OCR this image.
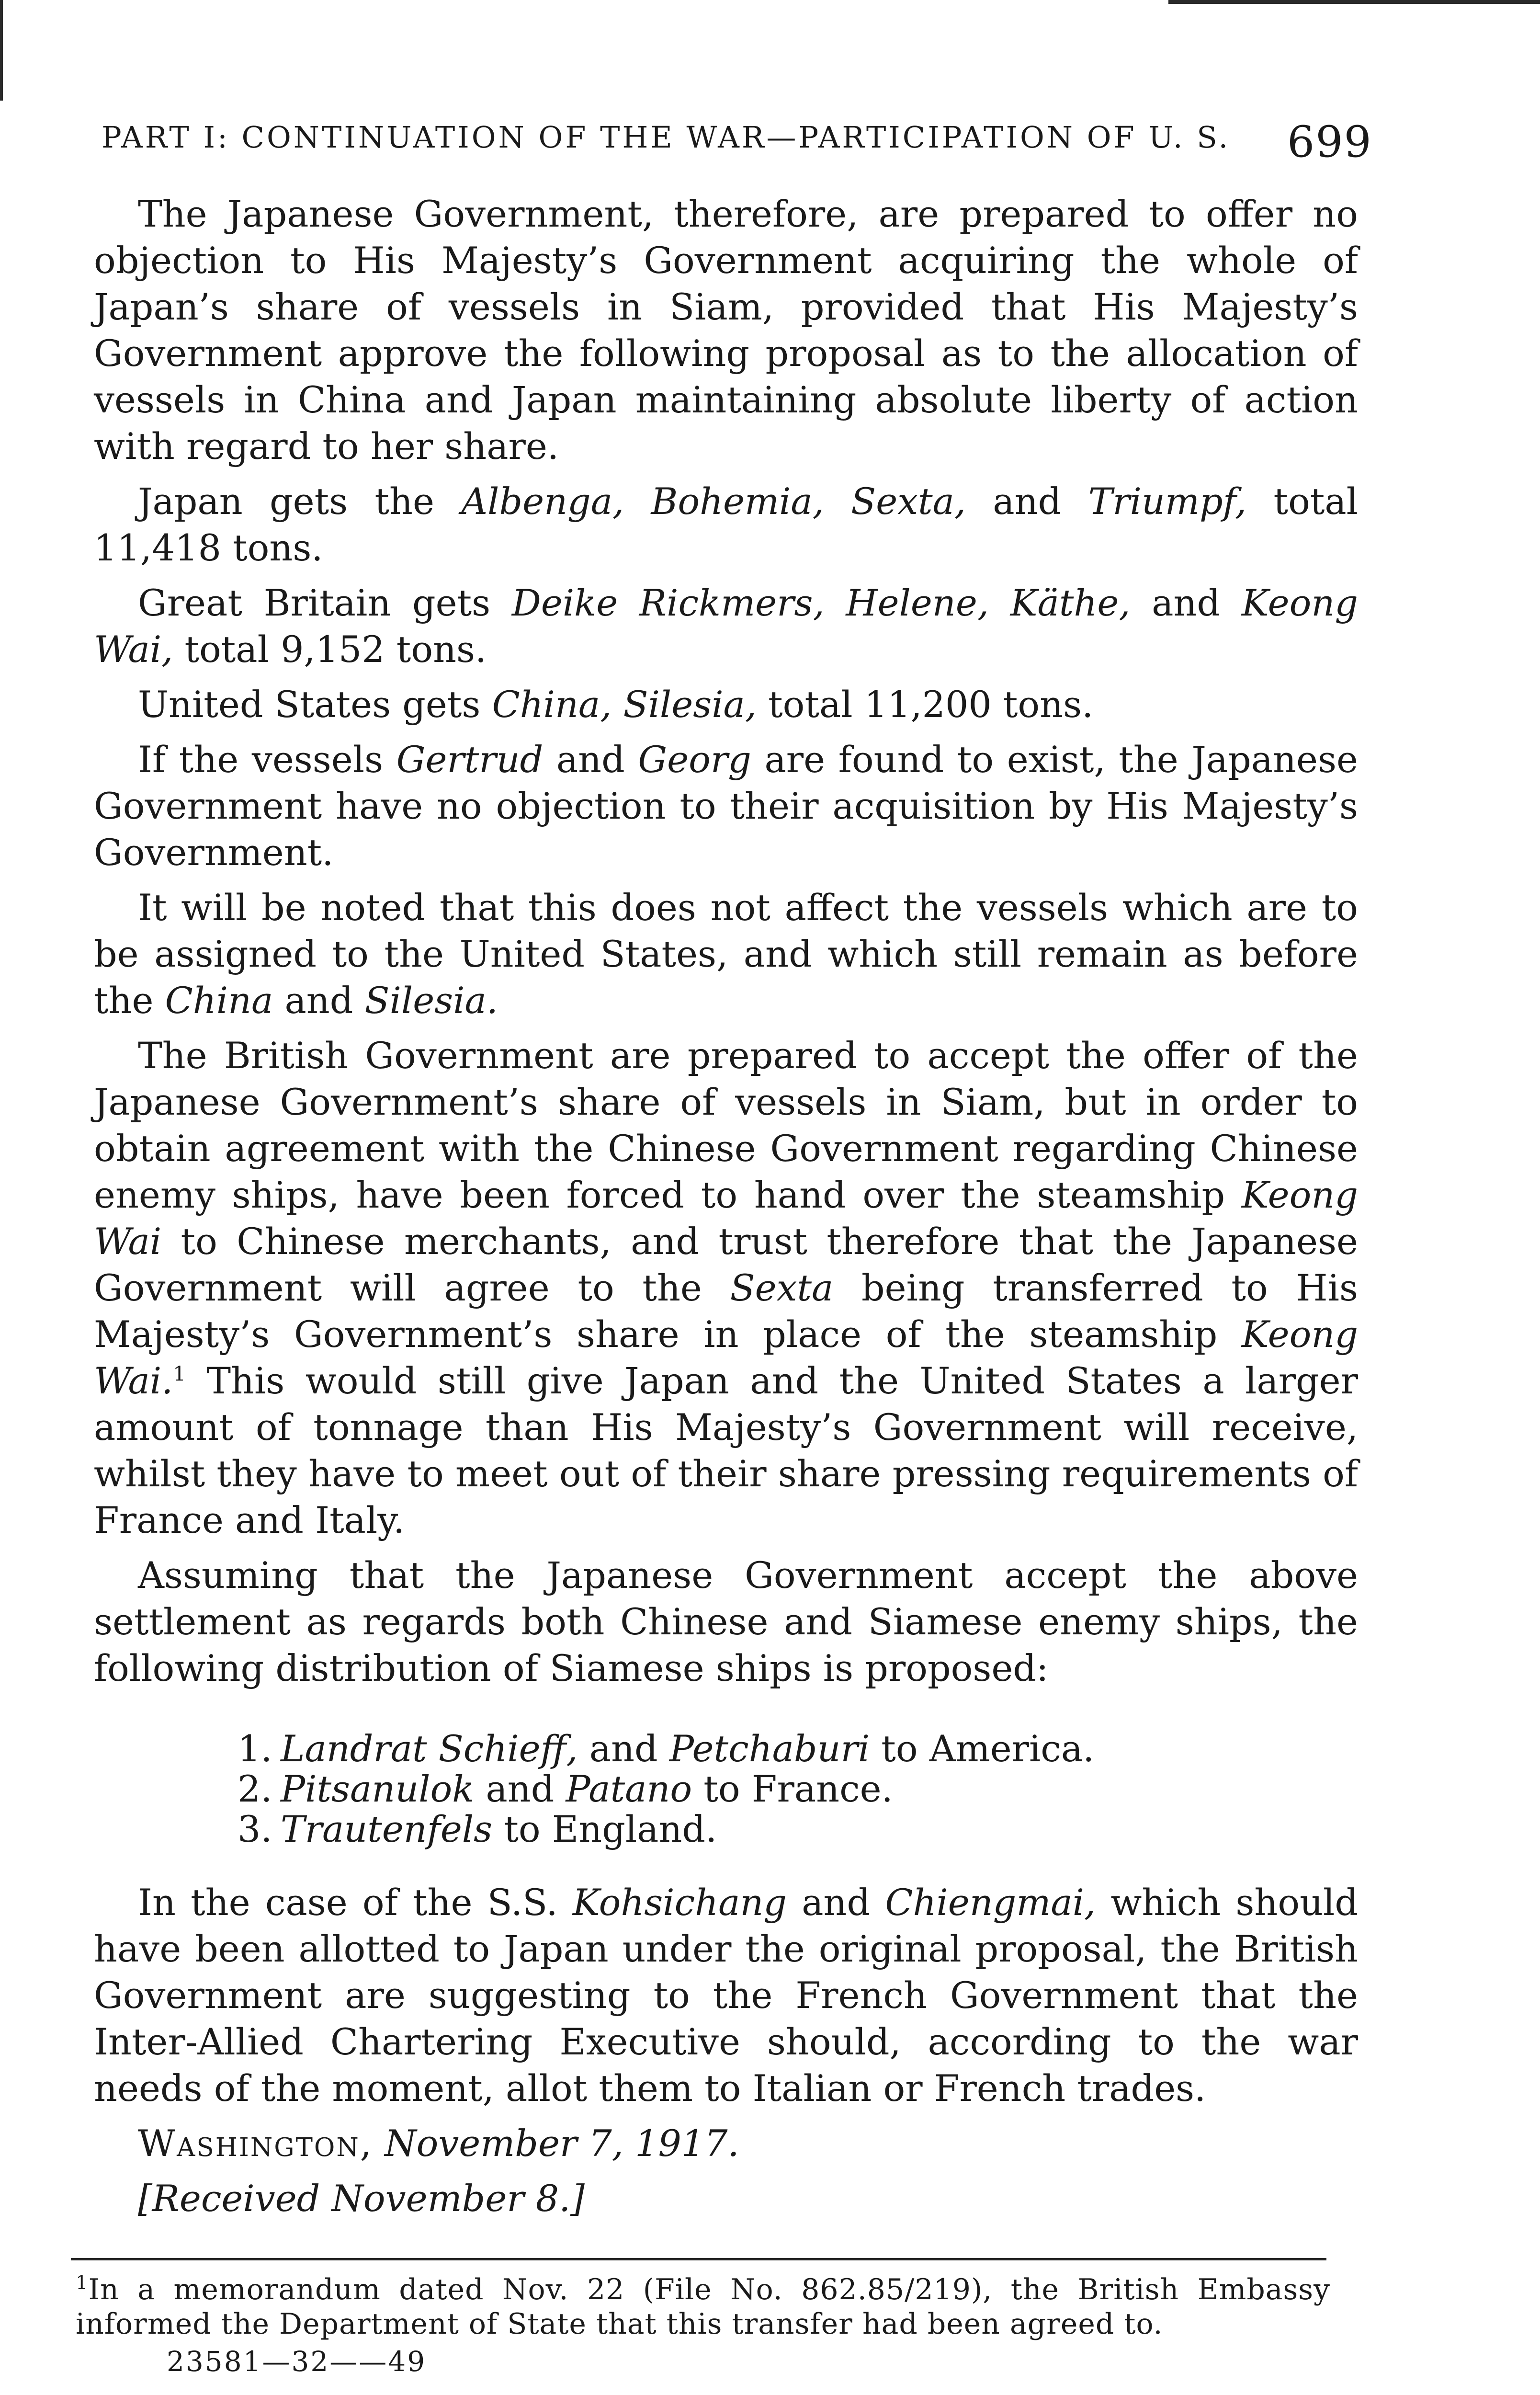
PART I: CONTINUATION OF THE WAR—PARTICIPATION OF U. S.	699

The Japanese Government, therefore, are prepared to offer no objection to His Majesty’s Government acquiring the whole of Japan’s share of vessels in Siam, provided that His Majesty’s Government approve the following proposal as to the allocation of vessels in China and Japan maintaining absolute liberty of action with regard to her share.

Japan gets the Albenga, Bohemia, Sexta, and Triumpf, total 11,418 tons.

Great Britain gets Deike Rickmers, Helene, Käthe, and Keong Wai, total 9,152 tons.

United States gets China, Silesia, total 11,200 tons.

If the vessels Gertrud and Georg are found to exist, the Japanese Government have no objection to their acquisition by His Majesty’s Government.

It will be noted that this does not affect the vessels which are to be assigned to the United States, and which still remain as before the China and Silesia.

The British Government are prepared to accept the offer of the Japanese Government’s share of vessels in Siam, but in order to obtain agreement with the Chinese Government regarding Chinese enemy ships, have been forced to hand over the steamship Keong Wai to Chinese merchants, and trust therefore that the Japanese Government will agree to the Sexta being transferred to His Majesty’s Government’s share in place of the steamship Keong Wai.$^1$ This would still give Japan and the United States a larger amount of tonnage than His Majesty’s Government will receive, whilst they have to meet out of their share pressing requirements of France and Italy.

Assuming that the Japanese Government accept the above settlement as regards both Chinese and Siamese enemy ships, the following distribution of Siamese ships is proposed:

1. Landrat Schieff, and Petchaburi to America.
2. Pitsanulok and Patano to France.
3. Trautenfels to England.

In the case of the S.S. Kohsichang and Chiengmai, which should have been allotted to Japan under the original proposal, the British Government are suggesting to the French Government that the Inter-Allied Chartering Executive should, according to the war needs of the moment, allot them to Italian or French trades.

Washington, November 7, 1917.

[Received November 8.]

$^1$In a memorandum dated Nov. 22 (File No. 862.85/219), the British Embassy informed the Department of State that this transfer had been agreed to.
23581—32——49
